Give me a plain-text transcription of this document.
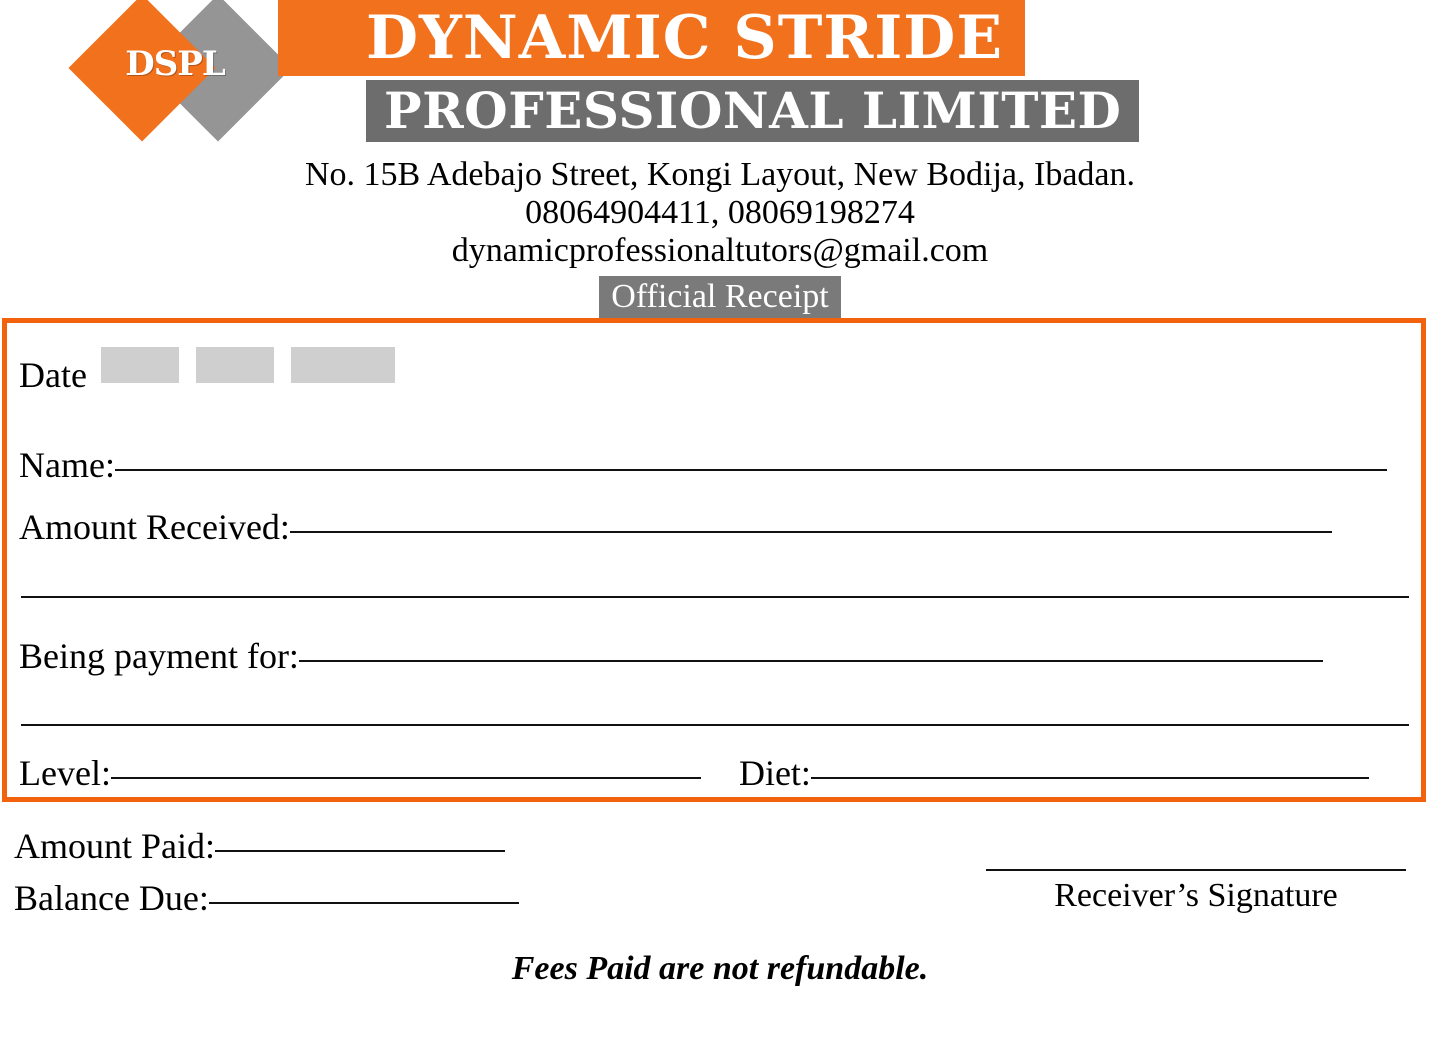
DSPL	DYNAMIC STRIDE
PROFESSIONAL LIMITED
No. 15B Adebajo Street, Kongi Layout, New Bodija, Ibadan.
08064904411, 08069198274
dynamicprofessionaltutors@gmail.com
Official Receipt
Date
Name:
Amount Received:
Being payment for:
Level:	Diet:
Amount Paid:
Balance Due:	Receiver’s Signature
Fees Paid are not refundable.
